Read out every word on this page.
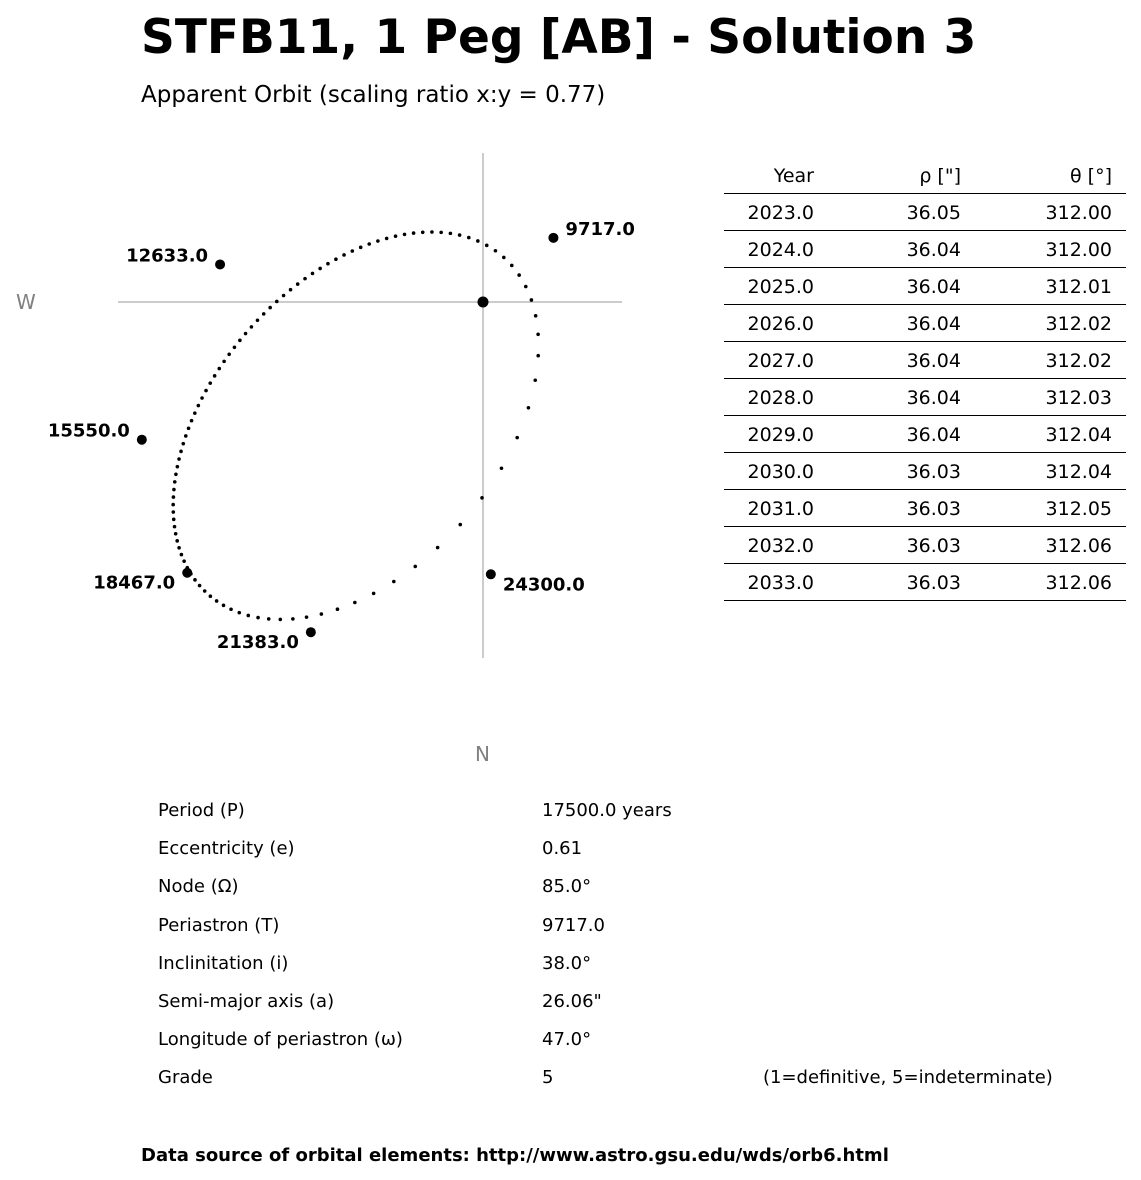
STFB11, 1 Peg [AB] - Solution 3
Apparent Orbit (scaling ratio x:y = 0.77)
W
N
9717.0
12633.0
15550.0
18467.0
21383.0
24300.0
Year	ρ ["]	θ [°]
2023.0	36.05	312.00
2024.0	36.04	312.00
2025.0	36.04	312.01
2026.0	36.04	312.02
2027.0	36.04	312.02
2028.0	36.04	312.03
2029.0	36.04	312.04
2030.0	36.03	312.04
2031.0	36.03	312.05
2032.0	36.03	312.06
2033.0	36.03	312.06
Period (P)	17500.0 years
Eccentricity (e)	0.61
Node (Ω)	85.0°
Periastron (T)	9717.0
Inclinitation (i)	38.0°
Semi-major axis (a)	26.06"
Longitude of periastron (ω)	47.0°
Grade	5	(1=definitive, 5=indeterminate)
Data source of orbital elements: http://www.astro.gsu.edu/wds/orb6.html
